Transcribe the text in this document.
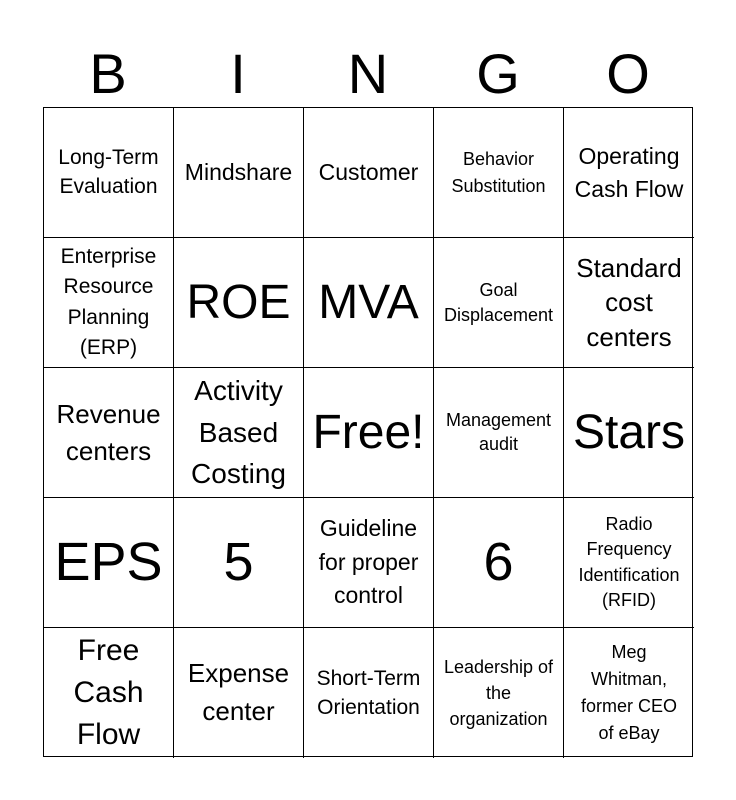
B	I	N	G	O
Long-Term Evaluation
Mindshare	Customer	Behavior Substitution
Operating Cash Flow
Enterprise Resource Planning (ERP)
ROE MVA	Goal Displacement
Standard cost centers
Revenue centers
Activity Based Costing
Free!	Management audit	Stars
EPS	5
Guideline for proper control
6
Radio Frequency Identification (RFID)
Free Cash Flow
Expense center
Short-Term Orientation
Leadership of the organization
Meg Whitman, former CEO of eBay
